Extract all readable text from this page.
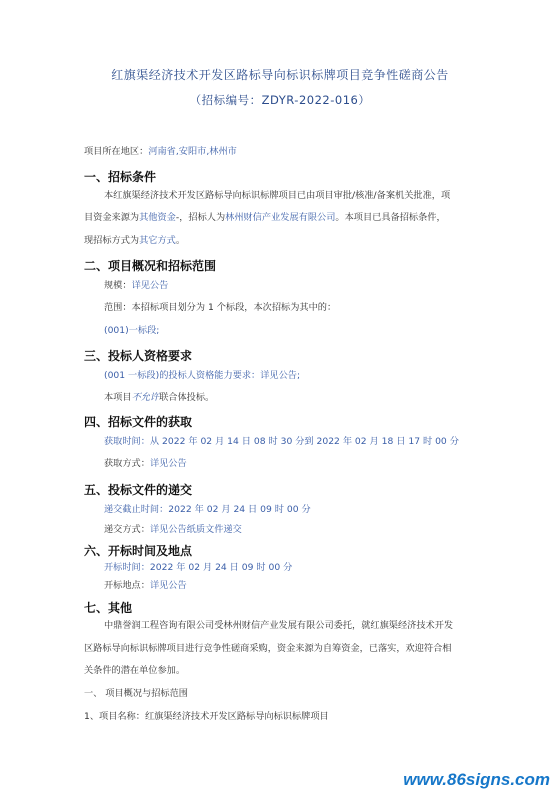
红旗渠经济技术开发区路标导向标识标牌项目竞争性磋商公告
（招标编号：ZDYR-2022-016）
项目所在地区：河南省,安阳市,林州市
一、招标条件
本红旗渠经济技术开发区路标导向标识标牌项目已由项目审批/核准/备案机关批准，项
目资金来源为其他资金-，招标人为林州财信产业发展有限公司。本项目已具备招标条件，
现招标方式为其它方式。
二、项目概况和招标范围
规模：详见公告
范围：本招标项目划分为 1 个标段，本次招标为其中的：
(001)一标段;
三、投标人资格要求
(001 一标段)的投标人资格能力要求：详见公告;
本项目不允许联合体投标。
四、招标文件的获取
获取时间：从 2022 年 02 月 14 日 08 时 30 分到 2022 年 02 月 18 日 17 时 00 分
获取方式：详见公告
五、投标文件的递交
递交截止时间：2022 年 02 月 24 日 09 时 00 分
递交方式：详见公告纸质文件递交
六、开标时间及地点
开标时间：2022 年 02 月 24 日 09 时 00 分
开标地点：详见公告
七、其他
中鼎誉润工程咨询有限公司受林州财信产业发展有限公司委托，就红旗渠经济技术开发
区路标导向标识标牌项目进行竞争性磋商采购，资金来源为自筹资金，已落实，欢迎符合相
关条件的潜在单位参加。
一、 项目概况与招标范围
1、项目名称：红旗渠经济技术开发区路标导向标识标牌项目
www.86signs.com
